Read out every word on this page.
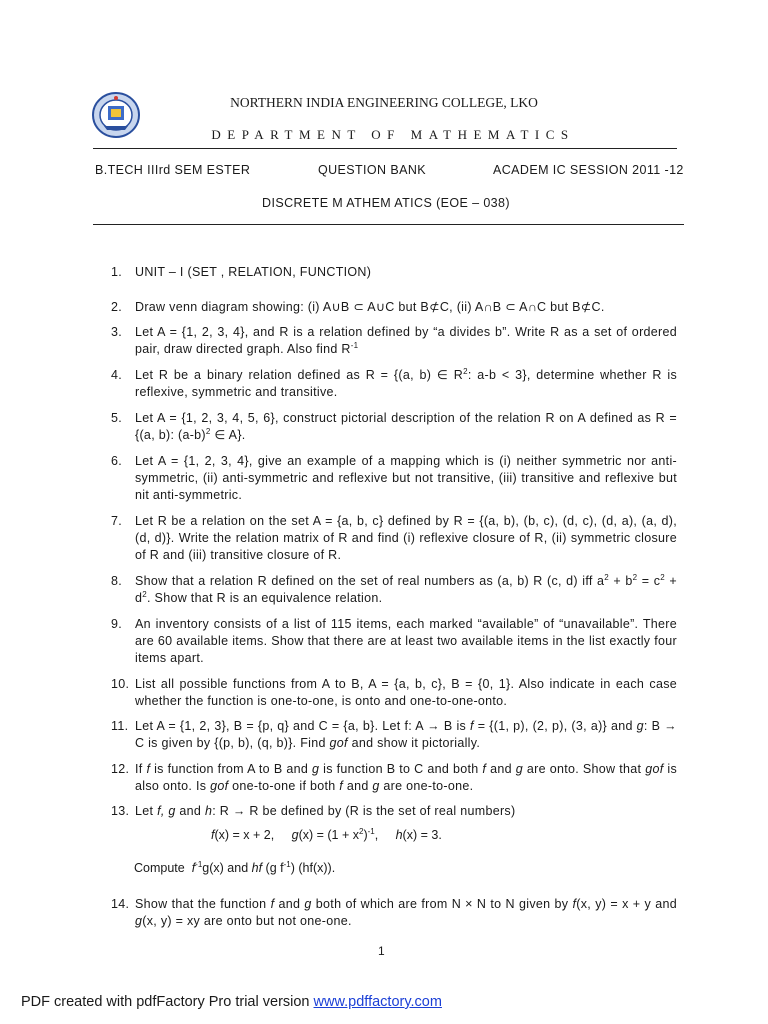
NORTHERN INDIA ENGINEERING COLLEGE, LKO
DEPARTMENT OF MATHEMATICS
B.TECH IIIrd SEM ESTER	QUESTION BANK	ACADEM IC SESSION 2011 -12
DISCRETE M ATHEM ATICS (EOE – 038)
1. UNIT – I (SET , RELATION, FUNCTION)
2. Draw venn diagram showing: (i) A∪B ⊂ A∪C but B⊄C, (ii) A∩B ⊂ A∩C but B⊄C.
3. Let A = {1, 2, 3, 4}, and R is a relation defined by “a divides b”. Write R as a set of ordered pair, draw directed graph. Also find $R^{-1}$
4. Let R be a binary relation defined as R = {(a, b) ∈ $R^2$: a-b < 3}, determine whether R is reflexive, symmetric and transitive.
5. Let A = {1, 2, 3, 4, 5, 6}, construct pictorial description of the relation R on A defined as R = {(a, b): $(a-b)^2$ ∈ A}.
6. Let A = {1, 2, 3, 4}, give an example of a mapping which is (i) neither symmetric nor anti-symmetric, (ii) anti-symmetric and reflexive but not transitive, (iii) transitive and reflexive but nit anti-symmetric.
7. Let R be a relation on the set A = {a, b, c} defined by R = {(a, b), (b, c), (d, c), (d, a), (a, d), (d, d)}. Write the relation matrix of R and find (i) reflexive closure of R, (ii) symmetric closure of R and (iii) transitive closure of R.
8. Show that a relation R defined on the set of real numbers as (a, b) R (c, d) iff $a^2 + b^2 = c^2 + d^2$. Show that R is an equivalence relation.
9. An inventory consists of a list of 115 items, each marked “available” of “unavailable”. There are 60 available items. Show that there are at least two available items in the list exactly four items apart.
10. List all possible functions from A to B, A = {a, b, c}, B = {0, 1}. Also indicate in each case whether the function is one-to-one, is onto and one-to-one-onto.
11. Let A = {1, 2, 3}, B = {p, q} and C = {a, b}. Let f: A → B is f = {(1, p), (2, p), (3, a)} and g: B → C is given by {(p, b), (q, b)}. Find gof and show it pictorially.
12. If f is function from A to B and g is function B to C and both f and g are onto. Show that gof is also onto. Is gof one-to-one if both f and g are one-to-one.
13. Let f, g and h: R → R be defined by (R is the set of real numbers)
f(x) = x + 2, $g(x) = (1 + x^2)^{-1}$,     h(x) = 3.
Compute $f^{-1}g(x)$ and hf (g $f^{-1}$) (hf(x)).
14. Show that the function f and g both of which are from N × N to N given by f(x, y) = x + y and g(x, y) = xy are onto but not one-one.
1
PDF created with pdfFactory Pro trial version www.pdffactory.com
